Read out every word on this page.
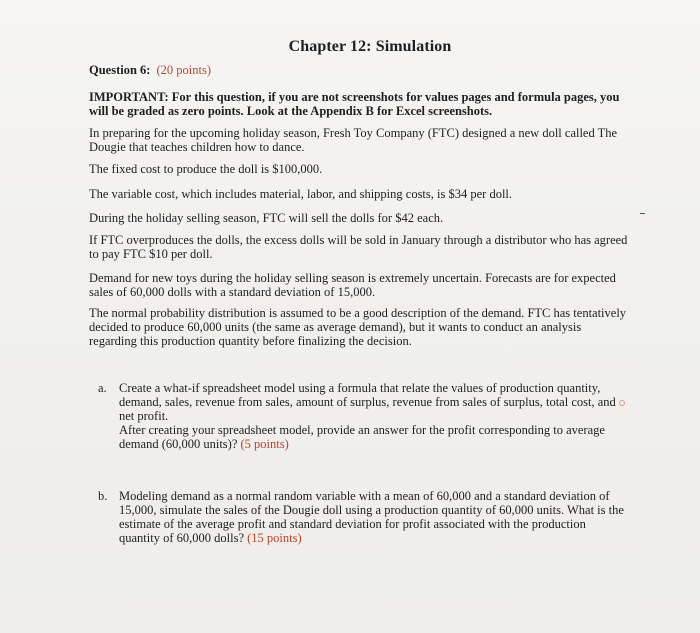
Chapter 12: Simulation
Question 6: (20 points)
IMPORTANT: For this question, if you are not screenshots for values pages and formula pages, you will be graded as zero points. Look at the Appendix B for Excel screenshots.
In preparing for the upcoming holiday season, Fresh Toy Company (FTC) designed a new doll called The Dougie that teaches children how to dance.
The fixed cost to produce the doll is $100,000.
The variable cost, which includes material, labor, and shipping costs, is $34 per doll.
During the holiday selling season, FTC will sell the dolls for $42 each.
If FTC overproduces the dolls, the excess dolls will be sold in January through a distributor who has agreed to pay FTC $10 per doll.
Demand for new toys during the holiday selling season is extremely uncertain. Forecasts are for expected sales of 60,000 dolls with a standard deviation of 15,000.
The normal probability distribution is assumed to be a good description of the demand. FTC has tentatively decided to produce 60,000 units (the same as average demand), but it wants to conduct an analysis regarding this production quantity before finalizing the decision.
a. Create a what-if spreadsheet model using a formula that relate the values of production quantity, demand, sales, revenue from sales, amount of surplus, revenue from sales of surplus, total cost, and net profit.
After creating your spreadsheet model, provide an answer for the profit corresponding to average demand (60,000 units)? (5 points)
b. Modeling demand as a normal random variable with a mean of 60,000 and a standard deviation of 15,000, simulate the sales of the Dougie doll using a production quantity of 60,000 units. What is the estimate of the average profit and standard deviation for profit associated with the production quantity of 60,000 dolls? (15 points)
